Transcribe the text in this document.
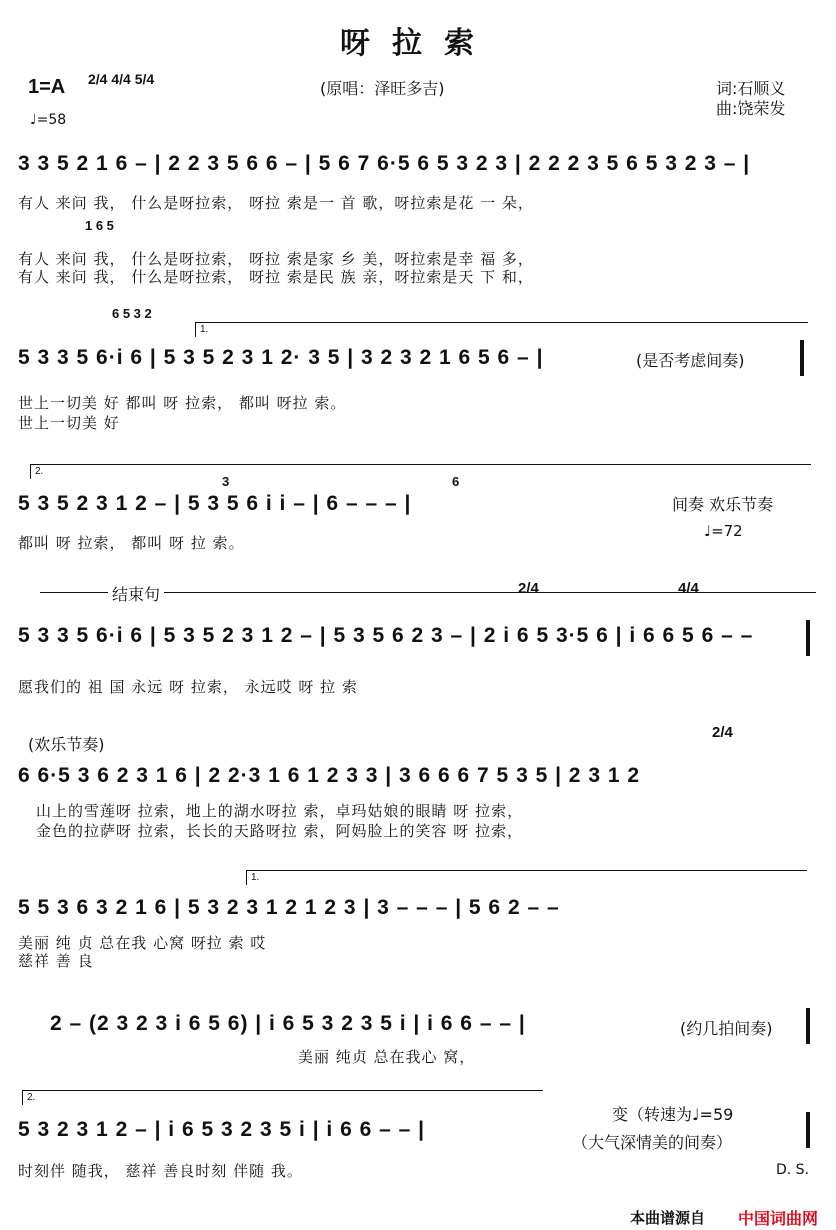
呀拉索
1=A 2/4 4/4 5/4	(原唱：泽旺多吉)	词:石顺义
曲:饶荣发
♩=58
3 3 5 2 1 6 – | 2 2 3 5 6 6 – | 5 6 7 6·5 6 5 3 2 3 | 2 2 2 3 5 6 5 3 2 3 – |
1 6 5
有人 来问 我， 什么是呀拉索， 呀拉 索是一 首 歌，呀拉索是花 一 朵，
有人 来问 我， 什么是呀拉索， 呀拉 索是家 乡 美，呀拉索是幸 福 多，
有人 来问 我， 什么是呀拉索， 呀拉 索是民 族 亲，呀拉索是天 下 和，
6 5 3 2
1.
5 3 3 5 6·i 6 | 5 3 5 2 3 1 2· 3 5 | 3 2 3 2 1 6 5 6 – |	(是否考虑间奏)
世上一切美 好 都叫 呀 拉索， 都叫 呀拉 索。
世上一切美 好
2.
3	6
5 3 5 2 3 1 2 – | 5 3 5 6 i i – | 6 – – – |	间奏 欢乐节奏
♩=72
都叫 呀 拉索， 都叫 呀 拉 索。
结束句	2/4	4/4
5 3 3 5 6·i 6 | 5 3 5 2 3 1 2 – | 5 3 5 6 2 3 – | 2 i 6 5 3·5 6 | i 6 6 5 6 – –
愿我们的 祖 国 永远 呀 拉索， 永远哎 呀 拉 索
(欢乐节奏)
2/4
6 6·5 3 6 2 3 1 6 | 2 2·3 1 6 1 2 3 3 | 3 6 6 6 7 5 3 5 | 2 3 1 2
山上的雪莲呀 拉索，地上的湖水呀拉 索，卓玛姑娘的眼睛 呀 拉索，
金色的拉萨呀 拉索，长长的天路呀拉 索，阿妈脸上的笑容 呀 拉索，
1.
5 5 3 6 3 2 1 6 | 5 3 2 3 1 2 1 2 3 | 3 – – – | 5 6 2 – –
美丽 纯 贞 总在我 心窝 呀拉 索 哎
慈祥 善 良
2 – (2 3 2 3 i 6 5 6) | i 6 5 3 2 3 5 i | i 6 6 – – |	(约几拍间奏)
美丽 纯贞 总在我心 窝，
2.
5 3 2 3 1 2 – | i 6 5 3 2 3 5 i | i 6 6 – – |
变（转速为♩=59
（大气深情美的间奏）
时刻伴 随我， 慈祥 善良时刻 伴随 我。	D. S.
本曲谱源自 中国词曲网
